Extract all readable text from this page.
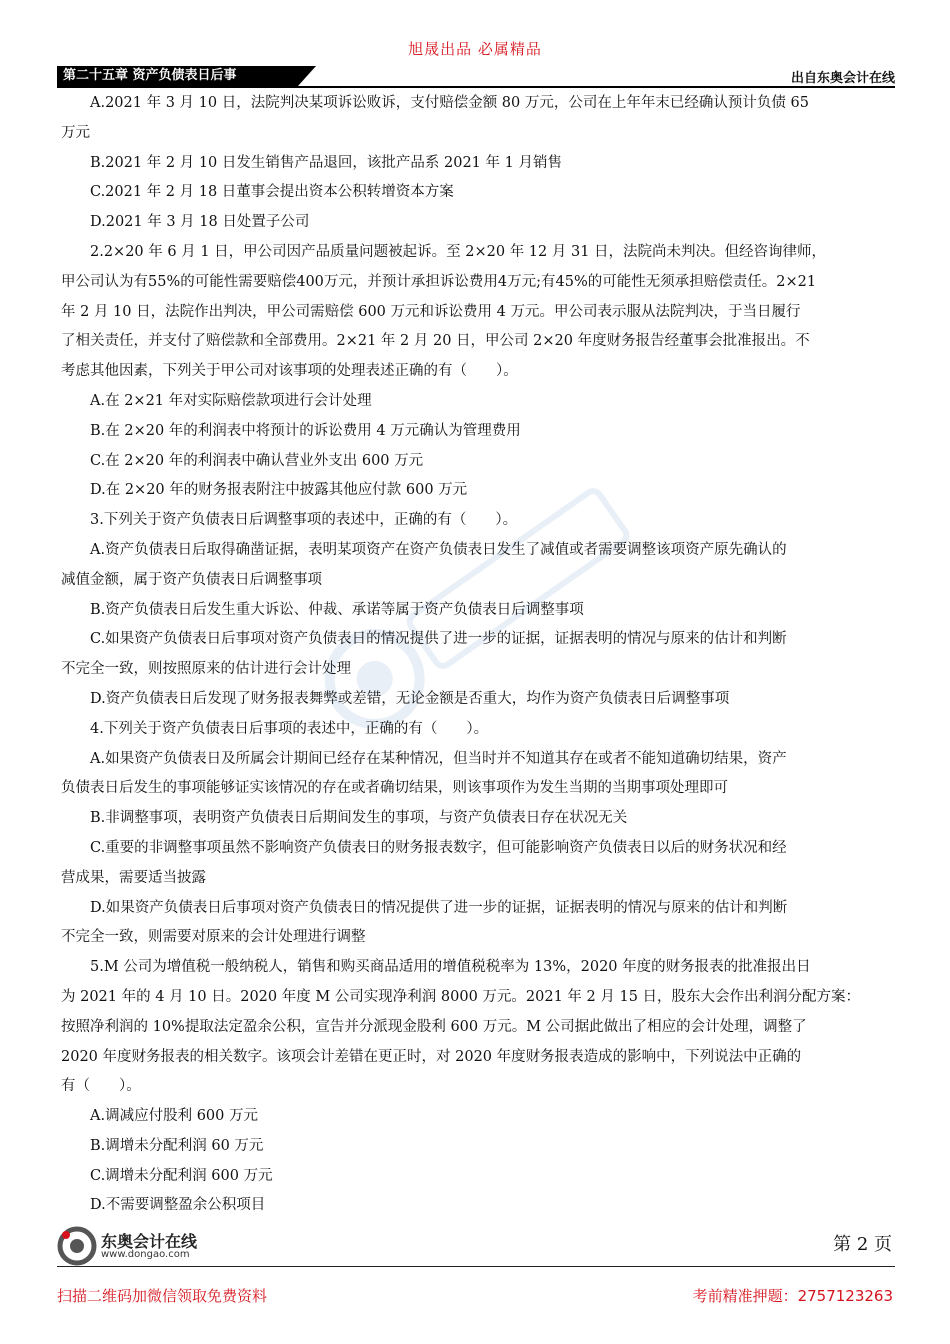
旭晟出品 必属精品
第二十五章 资产负债表日后事	出自东奥会计在线
A.2021 年 3 月 10 日，法院判决某项诉讼败诉，支付赔偿金额 80 万元，公司在上年年末已经确认预计负债 65
万元
B.2021 年 2 月 10 日发生销售产品退回，该批产品系 2021 年 1 月销售
C.2021 年 2 月 18 日董事会提出资本公积转增资本方案
D.2021 年 3 月 18 日处置子公司
2.2×20 年 6 月 1 日，甲公司因产品质量问题被起诉。至 2×20 年 12 月 31 日，法院尚未判决。但经咨询律师，
甲公司认为有55%的可能性需要赔偿400万元，并预计承担诉讼费用4万元;有45%的可能性无须承担赔偿责任。2×21
年 2 月 10 日，法院作出判决，甲公司需赔偿 600 万元和诉讼费用 4 万元。甲公司表示服从法院判决，于当日履行
了相关责任，并支付了赔偿款和全部费用。2×21 年 2 月 20 日，甲公司 2×20 年度财务报告经董事会批准报出。不
考虑其他因素，下列关于甲公司对该事项的处理表述正确的有（　　）。
A.在 2×21 年对实际赔偿款项进行会计处理
B.在 2×20 年的利润表中将预计的诉讼费用 4 万元确认为管理费用
C.在 2×20 年的利润表中确认营业外支出 600 万元
D.在 2×20 年的财务报表附注中披露其他应付款 600 万元
3.下列关于资产负债表日后调整事项的表述中，正确的有（　　）。
A.资产负债表日后取得确凿证据，表明某项资产在资产负债表日发生了减值或者需要调整该项资产原先确认的
减值金额，属于资产负债表日后调整事项
B.资产负债表日后发生重大诉讼、仲裁、承诺等属于资产负债表日后调整事项
C.如果资产负债表日后事项对资产负债表日的情况提供了进一步的证据，证据表明的情况与原来的估计和判断
不完全一致，则按照原来的估计进行会计处理
D.资产负债表日后发现了财务报表舞弊或差错，无论金额是否重大，均作为资产负债表日后调整事项
4.下列关于资产负债表日后事项的表述中，正确的有（　　）。
A.如果资产负债表日及所属会计期间已经存在某种情况，但当时并不知道其存在或者不能知道确切结果，资产
负债表日后发生的事项能够证实该情况的存在或者确切结果，则该事项作为发生当期的当期事项处理即可
B.非调整事项，表明资产负债表日后期间发生的事项，与资产负债表日存在状况无关
C.重要的非调整事项虽然不影响资产负债表日的财务报表数字，但可能影响资产负债表日以后的财务状况和经
营成果，需要适当披露
D.如果资产负债表日后事项对资产负债表日的情况提供了进一步的证据，证据表明的情况与原来的估计和判断
不完全一致，则需要对原来的会计处理进行调整
5.M 公司为增值税一般纳税人，销售和购买商品适用的增值税税率为 13%，2020 年度的财务报表的批准报出日
为 2021 年的 4 月 10 日。2020 年度 M 公司实现净利润 8000 万元。2021 年 2 月 15 日，股东大会作出利润分配方案：
按照净利润的 10%提取法定盈余公积，宣告并分派现金股利 600 万元。M 公司据此做出了相应的会计处理，调整了
2020 年度财务报表的相关数字。该项会计差错在更正时，对 2020 年度财务报表造成的影响中，下列说法中正确的
有（　　）。
A.调减应付股利 600 万元
B.调增未分配利润 60 万元
C.调增未分配利润 600 万元
D.不需要调整盈余公积项目
东奥会计在线
www.dongao.com	第 2 页
扫描二维码加微信领取免费资料	考前精准押题：2757123263
